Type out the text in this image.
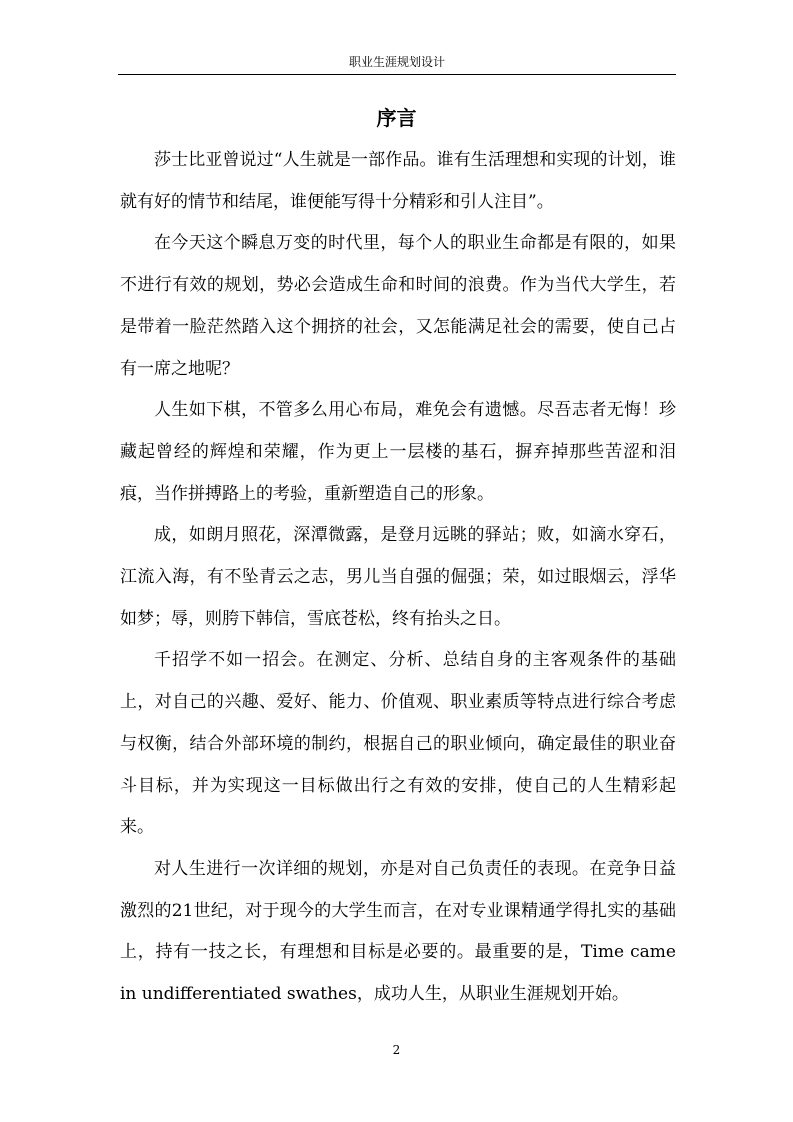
职业生涯规划设计
序言

莎士比亚曾说过“人生就是一部作品。谁有生活理想和实现的计划，谁就有好的情节和结尾，谁便能写得十分精彩和引人注目”。

在今天这个瞬息万变的时代里，每个人的职业生命都是有限的，如果不进行有效的规划，势必会造成生命和时间的浪费。作为当代大学生，若是带着一脸茫然踏入这个拥挤的社会，又怎能满足社会的需要，使自己占有一席之地呢？

人生如下棋，不管多么用心布局，难免会有遗憾。尽吾志者无悔！珍藏起曾经的辉煌和荣耀，作为更上一层楼的基石，摒弃掉那些苦涩和泪痕，当作拼搏路上的考验，重新塑造自己的形象。

成，如朗月照花，深潭微露，是登月远眺的驿站；败，如滴水穿石，江流入海，有不坠青云之志，男儿当自强的倔强；荣，如过眼烟云，浮华如梦；辱，则胯下韩信，雪底苍松，终有抬头之日。

千招学不如一招会。在测定、分析、总结自身的主客观条件的基础上，对自己的兴趣、爱好、能力、价值观、职业素质等特点进行综合考虑与权衡，结合外部环境的制约，根据自己的职业倾向，确定最佳的职业奋斗目标，并为实现这一目标做出行之有效的安排，使自己的人生精彩起来。

对人生进行一次详细的规划，亦是对自己负责任的表现。在竞争日益激烈的21世纪，对于现今的大学生而言，在对专业课精通学得扎实的基础上，持有一技之长，有理想和目标是必要的。最重要的是，Time came in undifferentiated swathes，成功人生，从职业生涯规划开始。

2
